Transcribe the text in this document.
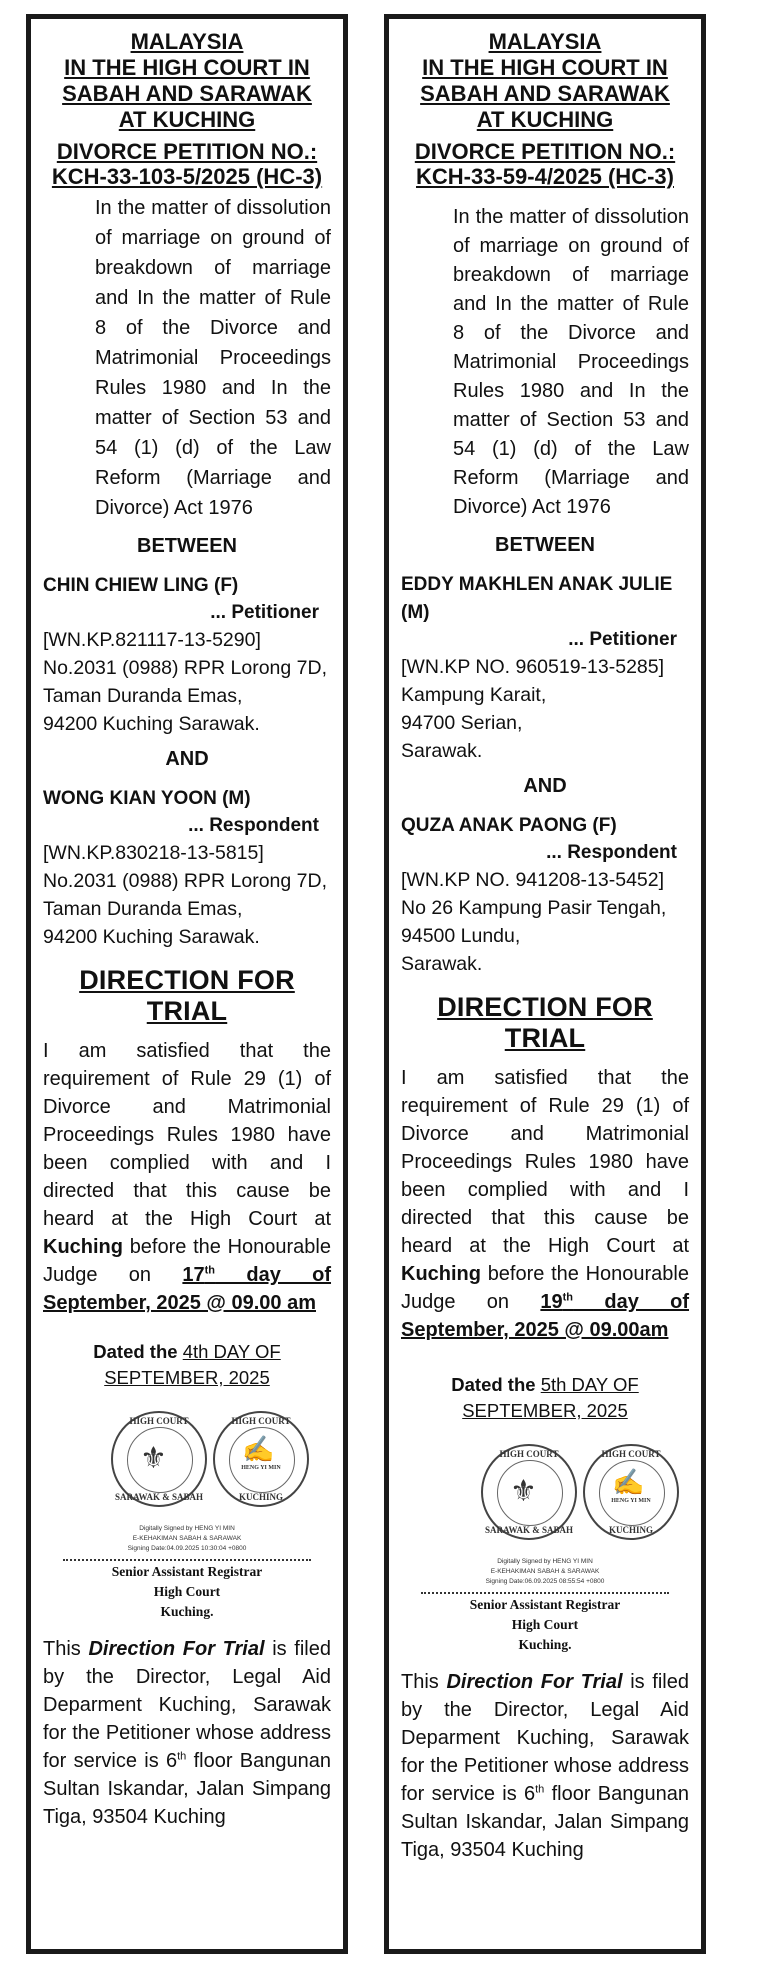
MALAYSIA
IN THE HIGH COURT IN
SABAH AND SARAWAK
AT KUCHING
DIVORCE PETITION NO.:
KCH-33-103-5/2025 (HC-3)
In the matter of dissolution of marriage on ground of breakdown of marriage and In the matter of Rule 8 of the Divorce and Matrimonial Proceedings Rules 1980 and In the matter of Section 53 and 54 (1) (d) of the Law Reform (Marriage and Divorce) Act 1976
BETWEEN
CHIN CHIEW LING (F)
... Petitioner
[WN.KP.821117-13-5290]
No.2031 (0988) RPR Lorong 7D,
Taman Duranda Emas,
94200 Kuching Sarawak.
AND
WONG KIAN YOON (M)
... Respondent
[WN.KP.830218-13-5815]
No.2031 (0988) RPR Lorong 7D,
Taman Duranda Emas,
94200 Kuching Sarawak.
DIRECTION FOR TRIAL
I am satisfied that the requirement of Rule 29 (1) of Divorce and Matrimonial Proceedings Rules 1980 have been complied with and I directed that this cause be heard at the High Court at Kuching before the Honourable Judge on 17th day of September, 2025 @ 09.00 am
Dated the 4th DAY OF SEPTEMBER, 2025
HIGH COURT
SARAWAK & SABAH
⚜
HIGH COURT
KUCHING
HENG YI MIN
✍
Digitally Signed by HENG YI MIN
E-KEHAKIMAN SABAH & SARAWAK
Signing Date:04.09.2025 10:30:04 +0800
Senior Assistant Registrar
High Court
Kuching.
This Direction For Trial is filed by the Director, Legal Aid Deparment Kuching, Sarawak for the Petitioner whose address for service is 6th floor Bangunan Sultan Iskandar, Jalan Simpang Tiga, 93504 Kuching
MALAYSIA
IN THE HIGH COURT IN
SABAH AND SARAWAK
AT KUCHING
DIVORCE PETITION NO.:
KCH-33-59-4/2025 (HC-3)
In the matter of dissolution of marriage on ground of breakdown of marriage and In the matter of Rule 8 of the Divorce and Matrimonial Proceedings Rules 1980 and In the matter of Section 53 and 54 (1) (d) of the Law Reform (Marriage and Divorce) Act 1976
BETWEEN
EDDY MAKHLEN ANAK JULIE (M)
... Petitioner
[WN.KP NO. 960519-13-5285]
Kampung Karait,
94700 Serian,
Sarawak.
AND
QUZA ANAK PAONG (F)
... Respondent
[WN.KP NO. 941208-13-5452]
No 26 Kampung Pasir Tengah,
94500 Lundu,
Sarawak.
DIRECTION FOR TRIAL
I am satisfied that the requirement of Rule 29 (1) of Divorce and Matrimonial Proceedings Rules 1980 have been complied with and I directed that this cause be heard at the High Court at Kuching before the Honourable Judge on 19th day of September, 2025 @ 09.00am
Dated the 5th DAY OF SEPTEMBER, 2025
HIGH COURT
SARAWAK & SABAH
⚜
HIGH COURT
KUCHING
HENG YI MIN
✍
Digitally Signed by HENG YI MIN
E-KEHAKIMAN SABAH & SARAWAK
Signing Date:06.09.2025 08:55:54 +0800
Senior Assistant Registrar
High Court
Kuching.
This Direction For Trial is filed by the Director, Legal Aid Deparment Kuching, Sarawak for the Petitioner whose address for service is 6th floor Bangunan Sultan Iskandar, Jalan Simpang Tiga, 93504 Kuching
